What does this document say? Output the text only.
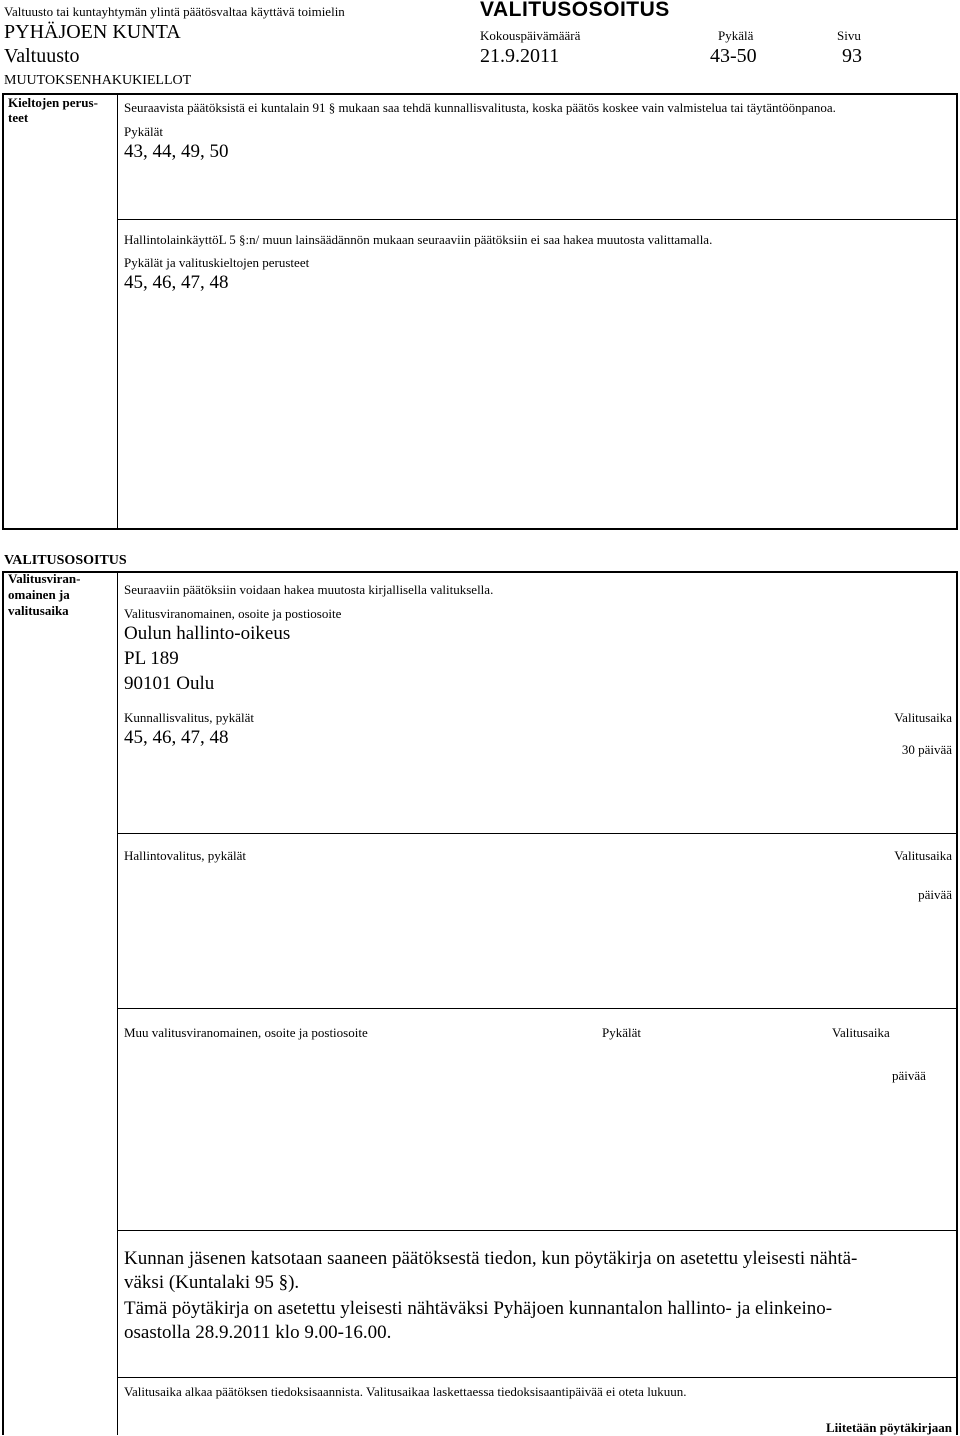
Valtuusto tai kuntayhtymän ylintä päätösvaltaa käyttävä toimielin	VALITUSOSOITUS
PYHÄJOEN KUNTA	Kokouspäivämäärä	Pykälä	Sivu
Valtuusto	21.9.2011	43-50	93
MUUTOKSENHAKUKIELLOT
Kieltojen perus-
teet
Seuraavista päätöksistä ei kuntalain 91 § mukaan saa tehdä kunnallisvalitusta, koska päätös koskee vain valmistelua tai täytäntöönpanoa.
Pykälät
43, 44, 49, 50
HallintolainkäyttöL 5 §:n/ muun lainsäädännön mukaan seuraaviin päätöksiin ei saa hakea muutosta valittamalla.
Pykälät ja valituskieltojen perusteet
45, 46, 47, 48
VALITUSOSOITUS
Valitusviran-
omainen ja
valitusaika
Seuraaviin päätöksiin voidaan hakea muutosta kirjallisella valituksella.
Valitusviranomainen, osoite ja postiosoite
Oulun hallinto-oikeus
PL 189
90101 Oulu
Kunnallisvalitus, pykälät
45, 46, 47, 48
Valitusaika
30 päivää
Hallintovalitus, pykälät	Valitusaika
päivää
Muu valitusviranomainen, osoite ja postiosoite	Pykälät	Valitusaika
päivää
Kunnan jäsenen katsotaan saaneen päätöksestä tiedon, kun pöytäkirja on asetettu yleisesti nähtä-
väksi (Kuntalaki 95 §).
Tämä pöytäkirja on asetettu yleisesti nähtäväksi Pyhäjoen kunnantalon hallinto- ja elinkeino-
osastolla 28.9.2011 klo 9.00-16.00.
Valitusaika alkaa päätöksen tiedoksisaannista. Valitusaikaa laskettaessa tiedoksisaantipäivää ei oteta lukuun.
Liitetään pöytäkirjaan
